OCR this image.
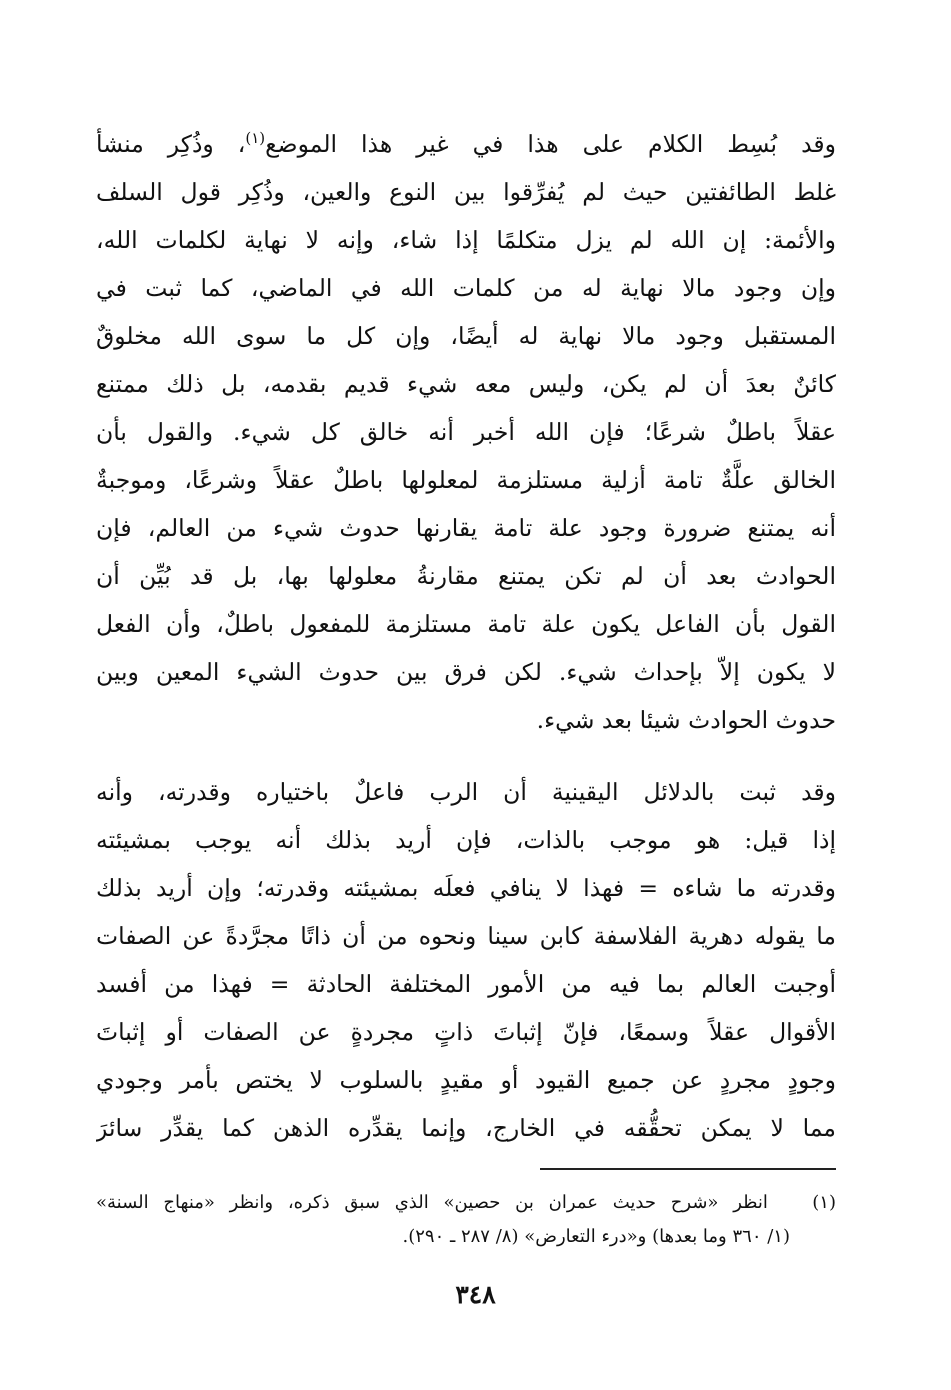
وقد بُسِط الكلام على هذا في غير هذا الموضع$^{(١)}$، وذُكِر منشأ
غلط الطائفتين حيث لم يُفرِّقوا بين النوع والعين، وذُكِر قول السلف
والأئمة: إن الله لم يزل متكلمًا إذا شاء، وإنه لا نهاية لكلمات الله،
وإن وجود مالا نهاية له من كلمات الله في الماضي، كما ثبت في
المستقبل وجود مالا نهاية له أيضًا، وإن كل ما سوى الله مخلوقٌ
كائنٌ بعدَ أن لم يكن، وليس معه شيء قديم بقدمه، بل ذلك ممتنع
عقلاً باطلٌ شرعًا؛ فإن الله أخبر أنه خالق كل شيء. والقول بأن
الخالق علَّةٌ تامة أزلية مستلزمة لمعلولها باطلٌ عقلاً وشرعًا، وموجبةٌ
أنه يمتنع ضرورة وجود علة تامة يقارنها حدوث شيء من العالم، فإن
الحوادث بعد أن لم تكن يمتنع مقارنةُ معلولها بها، بل قد بُيِّن أن
القول بأن الفاعل يكون علة تامة مستلزمة للمفعول باطلٌ، وأن الفعل
لا يكون إلاّ بإحداث شيء. لكن فرق بين حدوث الشيء المعين وبين
حدوث الحوادث شيئا بعد شيء.
وقد ثبت بالدلائل اليقينية أن الرب فاعلٌ باختياره وقدرته، وأنه
إذا قيل: هو موجب بالذات، فإن أريد بذلك أنه يوجب بمشيئته
وقدرته ما شاءه = فهذا لا ينافي فعلَه بمشيئته وقدرته؛ وإن أريد بذلك
ما يقوله دهرية الفلاسفة كابن سينا ونحوه من أن ذاتًا مجرَّدةً عن الصفات
أوجبت العالم بما فيه من الأمور المختلفة الحادثة = فهذا من أفسد
الأقوال عقلاً وسمعًا، فإنّ إثباتَ ذاتٍ مجردةٍ عن الصفات أو إثباتَ
وجودٍ مجردٍ عن جميع القيود أو مقيدٍ بالسلوب لا يختص بأمر وجودي
مما لا يمكن تحقُّقه في الخارج، وإنما يقدِّره الذهن كما يقدِّر سائرَ
(١)   انظر «شرح حديث عمران بن حصين» الذي سبق ذكره، وانظر «منهاج السنة»
(١/ ٣٦٠ وما بعدها) و«درء التعارض» (٨/ ٢٨٧ ـ ٢٩٠).
٣٤٨
